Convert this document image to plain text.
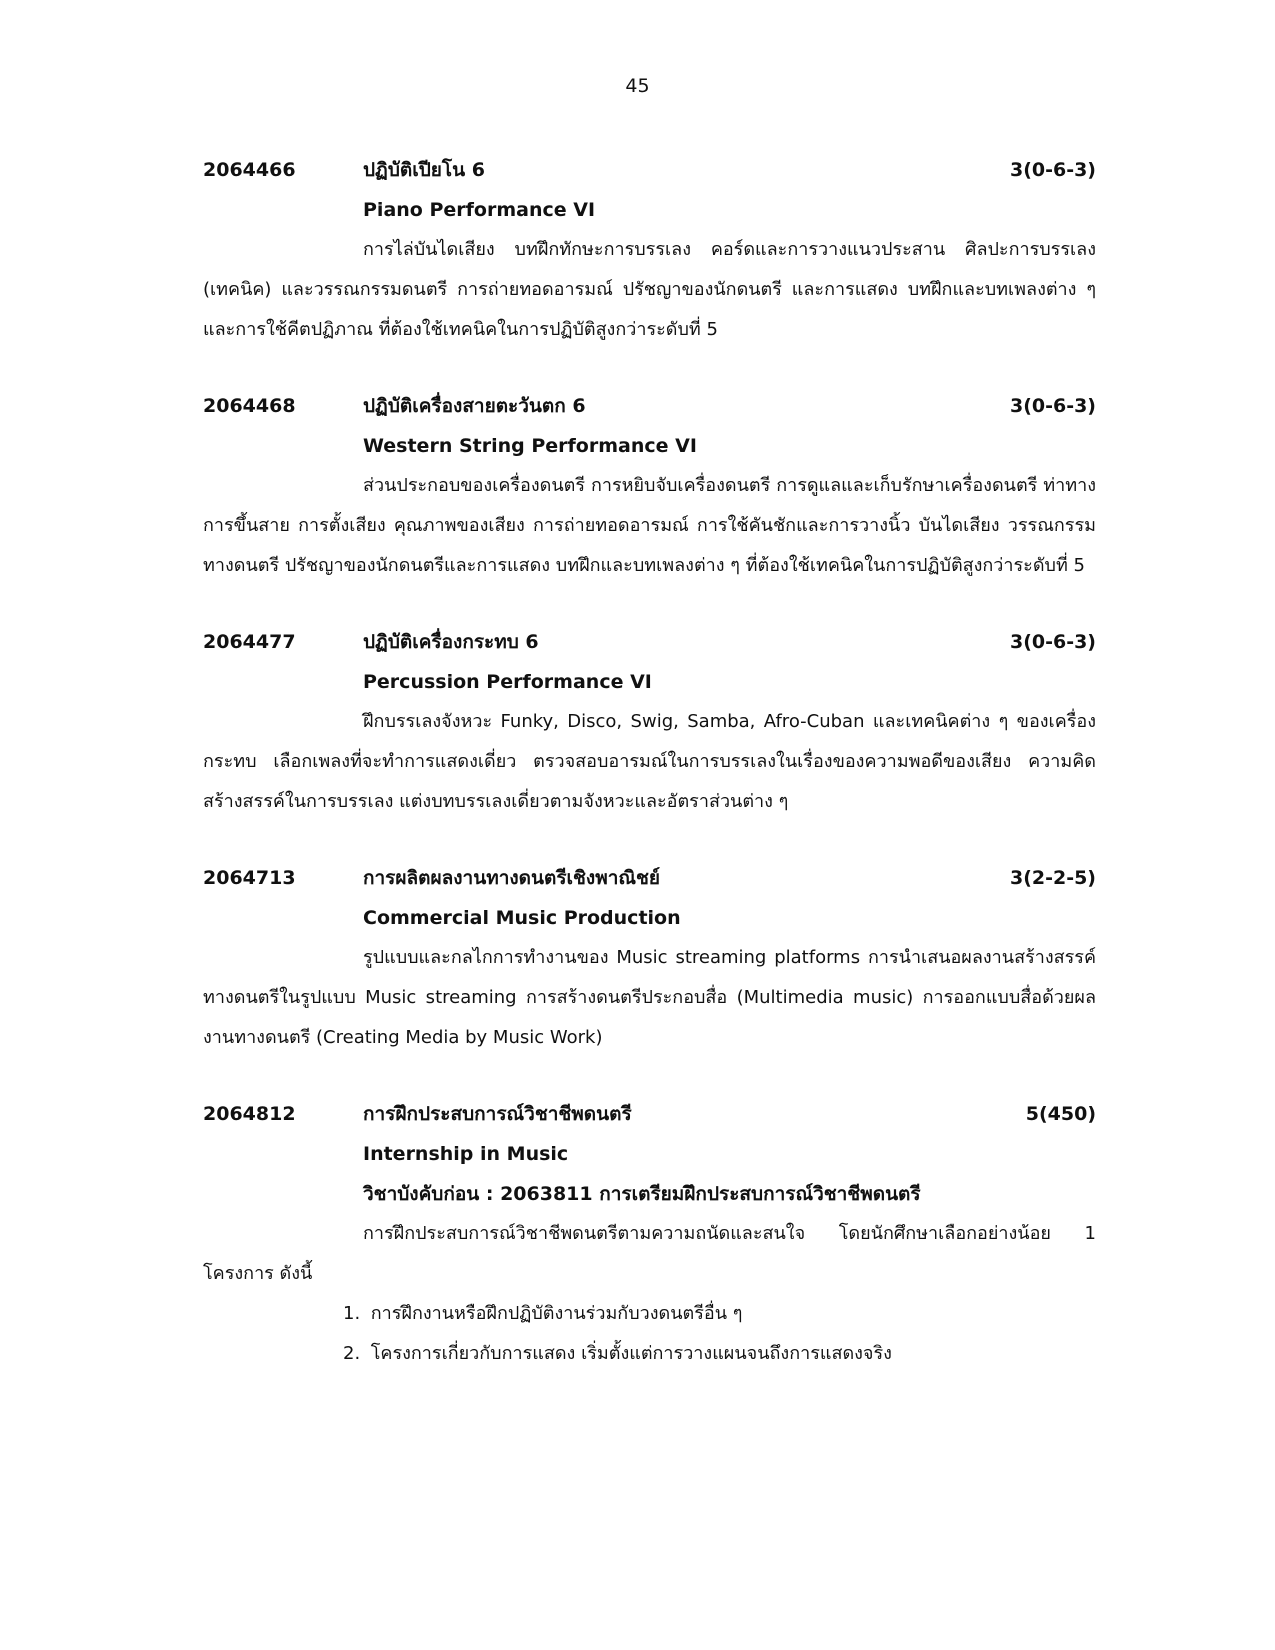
45
2064466	ปฏิบัติเปียโน 6	3(0-6-3)
Piano Performance VI

การไล่บันไดเสียง บทฝึกทักษะการบรรเลง คอร์ดและการวางแนวประสาน ศิลปะการบรรเลง (เทคนิค) และวรรณกรรมดนตรี การถ่ายทอดอารมณ์ ปรัชญาของนักดนตรี และการแสดง บทฝึกและบทเพลงต่าง ๆ และการใช้คีตปฏิภาณ ที่ต้องใช้เทคนิคในการปฏิบัติสูงกว่าระดับที่ 5

2064468	ปฏิบัติเครื่องสายตะวันตก 6	3(0-6-3)
Western String Performance VI

ส่วนประกอบของเครื่องดนตรี การหยิบจับเครื่องดนตรี การดูแลและเก็บรักษาเครื่องดนตรี ท่าทาง การขึ้นสาย การตั้งเสียง คุณภาพของเสียง การถ่ายทอดอารมณ์ การใช้คันชักและการวางนิ้ว บันไดเสียง วรรณกรรมทางดนตรี ปรัชญาของนักดนตรีและการแสดง บทฝึกและบทเพลงต่าง ๆ ที่ต้องใช้เทคนิคในการปฏิบัติสูงกว่าระดับที่ 5

2064477	ปฏิบัติเครื่องกระทบ 6	3(0-6-3)
Percussion Performance VI

ฝึกบรรเลงจังหวะ Funky, Disco, Swig, Samba, Afro-Cuban และเทคนิคต่าง ๆ ของเครื่องกระทบ เลือกเพลงที่จะทำการแสดงเดี่ยว ตรวจสอบอารมณ์ในการบรรเลงในเรื่องของความพอดีของเสียง ความคิดสร้างสรรค์ในการบรรเลง แต่งบทบรรเลงเดี่ยวตามจังหวะและอัตราส่วนต่าง ๆ

2064713	การผลิตผลงานทางดนตรีเชิงพาณิชย์	3(2-2-5)
Commercial Music Production

รูปแบบและกลไกการทำงานของ Music streaming platforms การนำเสนอผลงานสร้างสรรค์ทางดนตรีในรูปแบบ Music streaming การสร้างดนตรีประกอบสื่อ (Multimedia music) การออกแบบสื่อด้วยผลงานทางดนตรี (Creating Media by Music Work)

2064812	การฝึกประสบการณ์วิชาชีพดนตรี	5(450)
Internship in Music
วิชาบังคับก่อน : 2063811 การเตรียมฝึกประสบการณ์วิชาชีพดนตรี

การฝึกประสบการณ์วิชาชีพดนตรีตามความถนัดและสนใจ โดยนักศึกษาเลือกอย่างน้อย 1 โครงการ ดังนี้

1. การฝึกงานหรือฝึกปฏิบัติงานร่วมกับวงดนตรีอื่น ๆ
2. โครงการเกี่ยวกับการแสดง เริ่มตั้งแต่การวางแผนจนถึงการแสดงจริง
